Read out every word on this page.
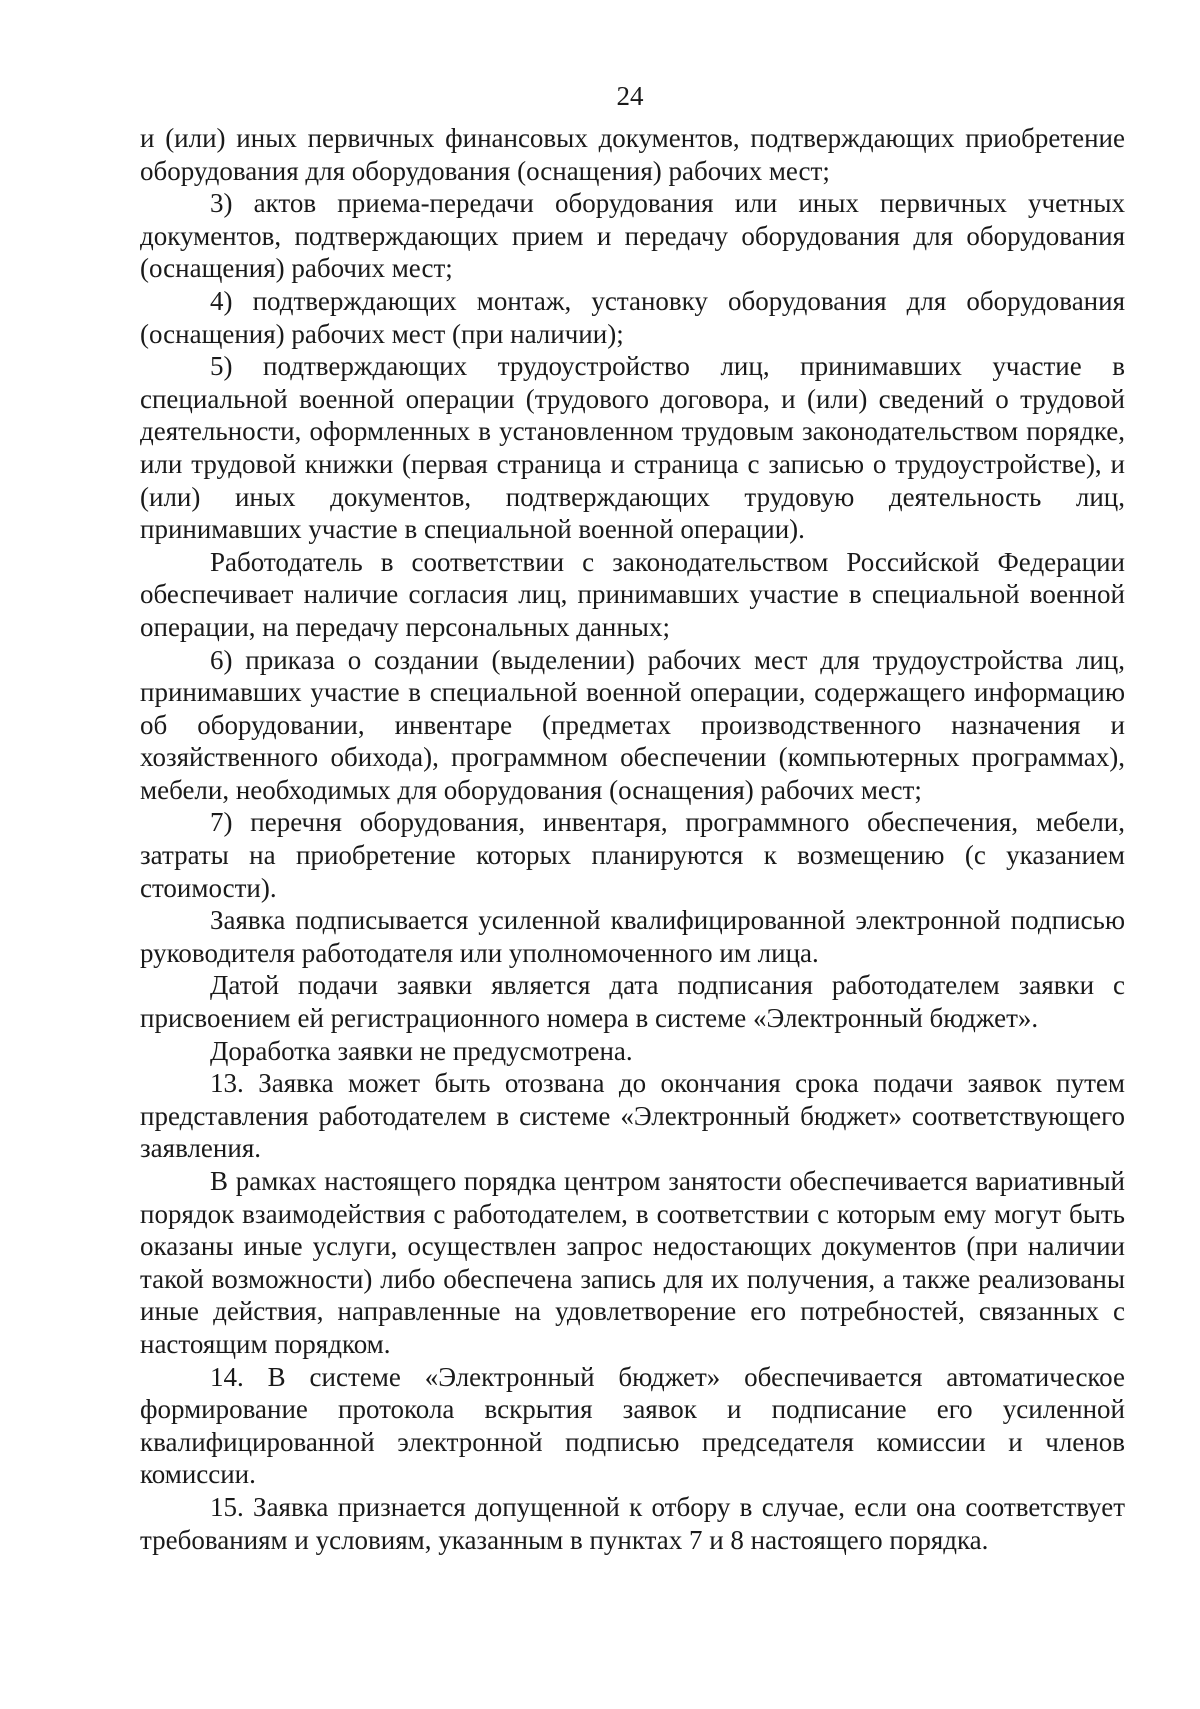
24

и (или) иных первичных финансовых документов, подтверждающих приобретение оборудования для оборудования (оснащения) рабочих мест;

3) актов приема-передачи оборудования или иных первичных учетных документов, подтверждающих прием и передачу оборудования для оборудования (оснащения) рабочих мест;

4) подтверждающих монтаж, установку оборудования для оборудования (оснащения) рабочих мест (при наличии);

5) подтверждающих трудоустройство лиц, принимавших участие в специальной военной операции (трудового договора, и (или) сведений о трудовой деятельности, оформленных в установленном трудовым законодательством порядке, или трудовой книжки (первая страница и страница с записью о трудоустройстве), и (или) иных документов, подтверждающих трудовую деятельность лиц, принимавших участие в специальной военной операции).

Работодатель в соответствии с законодательством Российской Федерации обеспечивает наличие согласия лиц, принимавших участие в специальной военной операции, на передачу персональных данных;

6) приказа о создании (выделении) рабочих мест для трудоустройства лиц, принимавших участие в специальной военной операции, содержащего информацию об оборудовании, инвентаре (предметах производственного назначения и хозяйственного обихода), программном обеспечении (компьютерных программах), мебели, необходимых для оборудования (оснащения) рабочих мест;

7) перечня оборудования, инвентаря, программного обеспечения, мебели, затраты на приобретение которых планируются к возмещению (с указанием стоимости).

Заявка подписывается усиленной квалифицированной электронной подписью руководителя работодателя или уполномоченного им лица.

Датой подачи заявки является дата подписания работодателем заявки с присвоением ей регистрационного номера в системе «Электронный бюджет».

Доработка заявки не предусмотрена.

13. Заявка может быть отозвана до окончания срока подачи заявок путем представления работодателем в системе «Электронный бюджет» соответствующего заявления.

В рамках настоящего порядка центром занятости обеспечивается вариативный порядок взаимодействия с работодателем, в соответствии с которым ему могут быть оказаны иные услуги, осуществлен запрос недостающих документов (при наличии такой возможности) либо обеспечена запись для их получения, а также реализованы иные действия, направленные на удовлетворение его потребностей, связанных с настоящим порядком.

14. В системе «Электронный бюджет» обеспечивается автоматическое формирование протокола вскрытия заявок и подписание его усиленной квалифицированной электронной подписью председателя комиссии и членов комиссии.

15. Заявка признается допущенной к отбору в случае, если она соответствует требованиям и условиям, указанным в пунктах 7 и 8 настоящего порядка.
